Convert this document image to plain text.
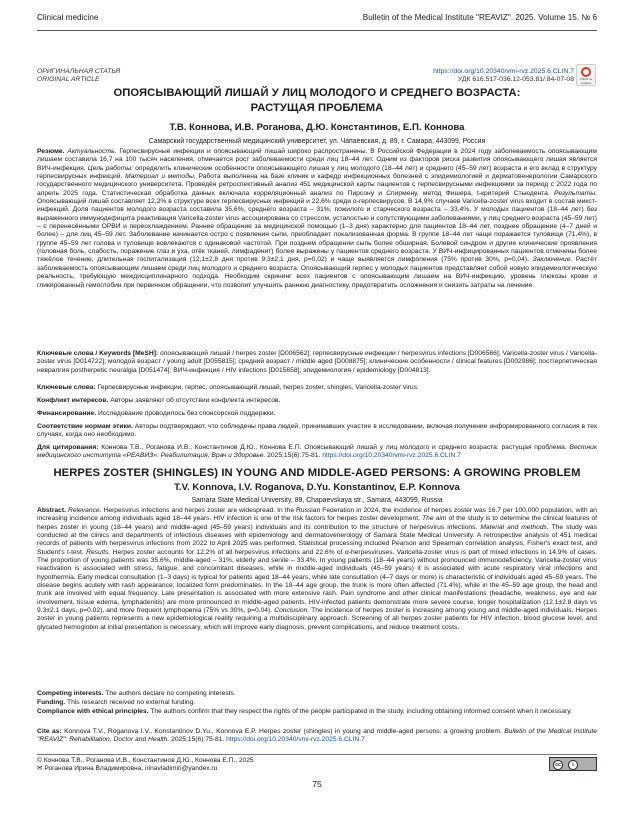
Clinical medicine	Bulletin of the Medical Institute "REAVIZ". 2025. Volume 15. № 6
ОРИГИНАЛЬНАЯ СТАТЬЯ
ORIGINAL ARTICLE
https://doi.org/10.20340/vmi-rvz.2025.6.CLIN.7
УДК 616.517-036.12-053.81/.84-07-08	Check for updates
ОПОЯСЫВАЮЩИЙ ЛИШАЙ У ЛИЦ МОЛОДОГО И СРЕДНЕГО ВОЗРАСТА:
РАСТУЩАЯ ПРОБЛЕМА
Т.В. Коннова, И.В. Роганова, Д.Ю. Константинов, Е.П. Коннова
Самарский государственный медицинский университет, ул. Чапаевская, д. 89, г. Самара, 443099, Россия
Резюме. Актуальность. Герпесвирусные инфекции и опоясывающий лишай широко распространены. В Российской Федерации в 2024 году заболеваемость опоясывающим лишаем составила 16,7 на 100 тысяч населения, отмечается рост заболеваемости среди лиц 18–44 лет. Одним из факторов риска развития опоясывающего лишая является ВИЧ-инфекция. Цель работы: определить клинические особенности опоясывающего лишая у лиц молодого (18–44 лет) и среднего (45–59 лет) возраста и его вклад в структуру герпесвирусных инфекций. Материал и методы. Работа выполнена на базе клиник и кафедр инфекционных болезней с эпидемиологией и дерматовенерологии Самарского государственного медицинского университета. Проведён ретроспективный анализ 451 медицинской карты пациентов с герпесвирусными инфекциями за период с 2022 года по апрель 2025 года. Статистическая обработка данных включала корреляционный анализ по Пирсону и Спирмену, метод Фишера, t-критерий Стьюдента. Результаты. Опоясывающий лишай составляет 12,2% в структуре всех герпесвирусных инфекций и 22,6% среди α-герпесвирусов. В 14,9% случаев Varicella-zoster virus входит в состав микст-инфекций. Доля пациентов молодого возраста составила 35,6%, среднего возраста – 31%, пожилого и старческого возраста – 33,4%. У молодых пациентов (18–44 лет) без выраженного иммунодефицита реактивация Varicella-zoster virus ассоциирована со стрессом, усталостью и сопутствующими заболеваниями, у лиц среднего возраста (45–59 лет) – с перенесёнными ОРВИ и переохлаждением. Раннее обращение за медицинской помощью (1–3 дня) характерно для пациентов 18–44 лет, позднее обращение (4–7 дней и более) – для лиц 45–59 лет. Заболевание начинается остро с появления сыпи, преобладает локализованная форма. В группе 18–44 лет чаще поражается туловище (71,4%), в группе 45–59 лет голова и туловище вовлекаются с одинаковой частотой. При позднем обращении сыпь более обширная. Болевой синдром и другие клинические проявления (головная боль, слабость, поражение глаз и уха, отёк тканей, лимфаденит) более выражены у пациентов среднего возраста. У ВИЧ-инфицированных пациентов отмечены более тяжёлое течение, длительная госпитализация (12,1±2,8 дня против 9,3±2,1 дня, p=0,02) и чаще выявляется лимфопения (75% против 30%, p=0,04). Заключение. Растёт заболеваемость опоясывающим лишаем среди лиц молодого и среднего возраста. Опоясывающий герпес у молодых пациентов представляет собой новую эпидемиологическую реальность, требующую междисциплинарного подхода. Необходим скрининг всех пациентов с опоясывающим лишаем на ВИЧ-инфекцию, уровень глюкозы крови и гликированный гемоглобин при первичном обращении, что позволит улучшить раннюю диагностику, предотвратить осложнения и снизить затраты на лечение.
Ключевые слова / Keywords [MeSH]: опоясывающий лишай / herpes zoster [D006562]; герпесвирусные инфекции / herpesvirus infections [D006566]; Varicella-zoster virus / Varicella-zoster virus [D014722]; молодой возраст / young adult [D055815]; средний возраст / middle aged [D008875]; клинические особенности / clinical features [D002986]; постгерпетическая невралгия postherpetic neuralgia [D051474]; ВИЧ-инфекция / HIV infections [D015658]; эпидемиология / epidemiology [D004813].
Ключевые слова: Герпесвирусные инфекции, герпес, опоясывающий лишай, herpes zoster, shingles, Varicella-zoster virus.
Конфликт интересов. Авторы заявляют об отсутствии конфликта интересов.
Финансирование. Исследование проводилось без спонсорской поддержки.
Соответствие нормам этики. Авторы подтверждают, что соблюдены права людей, принимавших участие в исследовании, включая получение информированного согласия в тех случаях, когда оно необходимо.
Для цитирования: Коннова Т.В., Роганова И.В., Константинов Д.Ю., Коннова Е.П. Опоясывающий лишай у лиц молодого и среднего возраста: растущая проблема. Вестник медицинского института «РЕАВИЗ»: Реабилитация, Врач и Здоровье. 2025;15(6):75-81. https://doi.org/10.20340/vmi-rvz.2025.6.CLIN.7
HERPES ZOSTER (SHINGLES) IN YOUNG AND MIDDLE-AGED PERSONS: A GROWING PROBLEM
T.V. Konnova, I.V. Roganova, D.Yu. Konstantinov, E.P. Konnova
Samara State Medical University, 89, Chapaevskaya str., Samara, 443099, Russia
Abstract. Relevance. Herpesvirus infections and herpes zoster are widespread. In the Russian Federation in 2024, the incidence of herpes zoster was 16.7 per 100,000 population, with an increasing incidence among individuals aged 18–44 years. HIV infection is one of the risk factors for herpes zoster development. The aim of the study is to determine the clinical features of herpes zoster in young (18–44 years) and middle-aged (45–59 years) individuals and its contribution to the structure of herpesvirus infections. Material and methods. The study was conducted at the clinics and departments of infectious diseases with epidemiology and dermatovenerology of Samara State Medical University. A retrospective analysis of 451 medical records of patients with herpesvirus infections from 2022 to April 2025 was performed. Statistical processing included Pearson and Spearman correlation analysis, Fisher's exact test, and Student's t-test. Results. Herpes zoster accounts for 12.2% of all herpesvirus infections and 22.6% of α-herpesviruses. Varicella-zoster virus is part of mixed infections in 14.9% of cases. The proportion of young patients was 35.6%, middle-aged – 31%, elderly and senile – 33.4%. In young patients (18–44 years) without pronounced immunodeficiency, Varicella-zoster virus reactivation is associated with stress, fatigue, and concomitant diseases, while in middle-aged individuals (45–59 years) it is associated with acute respiratory viral infections and hypothermia. Early medical consultation (1–3 days) is typical for patients aged 18–44 years, while late consultation (4–7 days or more) is characteristic of individuals aged 45–59 years. The disease begins acutely with rash appearance; localized form predominates. In the 18–44 age group, the trunk is more often affected (71.4%), while in the 45–59 age group, the head and trunk are involved with equal frequency. Late presentation is associated with more extensive rash. Pain syndrome and other clinical manifestations (headache, weakness, eye and ear involvement, tissue edema, lymphadenitis) are more pronounced in middle-aged patients. HIV-infected patients demonstrate more severe course, longer hospitalization (12.1±2.8 days vs 9.3±2.1 days, p=0.02), and more frequent lymphopenia (75% vs 30%, p=0.04). Conclusion. The incidence of herpes zoster is increasing among young and middle-aged individuals. Herpes zoster in young patients represents a new epidemiological reality requiring a multidisciplinary approach. Screening of all herpes zoster patients for HIV infection, blood glucose level, and glycated hemoglobin at initial presentation is necessary, which will improve early diagnosis, prevent complications, and reduce treatment costs.
Competing interests. The authors declare no competing interests.
Funding. This research received no external funding.
Compliance with ethical principles. The authors confirm that they respect the rights of the people participated in the study, including obtaining informed consent when it necessary.
Cite as: Konnova T.V., Roganova I.V., Konstantinov D.Yu., Konnova E.P. Herpes zoster (shingles) in young and middle-aged persons: a growing problem. Bulletin of the Medical Institute "REAVIZ": Rehabilitation, Doctor and Health. 2025;15(6):75-81. https://doi.org/10.20340/vmi-rvz.2025.6.CLIN.7
© Коннова Т.В., Роганова И.В., Константинов Д.Ю., Коннова Е.П., 2025
✉ Роганова Ирина Владимировна, irinavladimiri@yandex.ru	cc	i
75
